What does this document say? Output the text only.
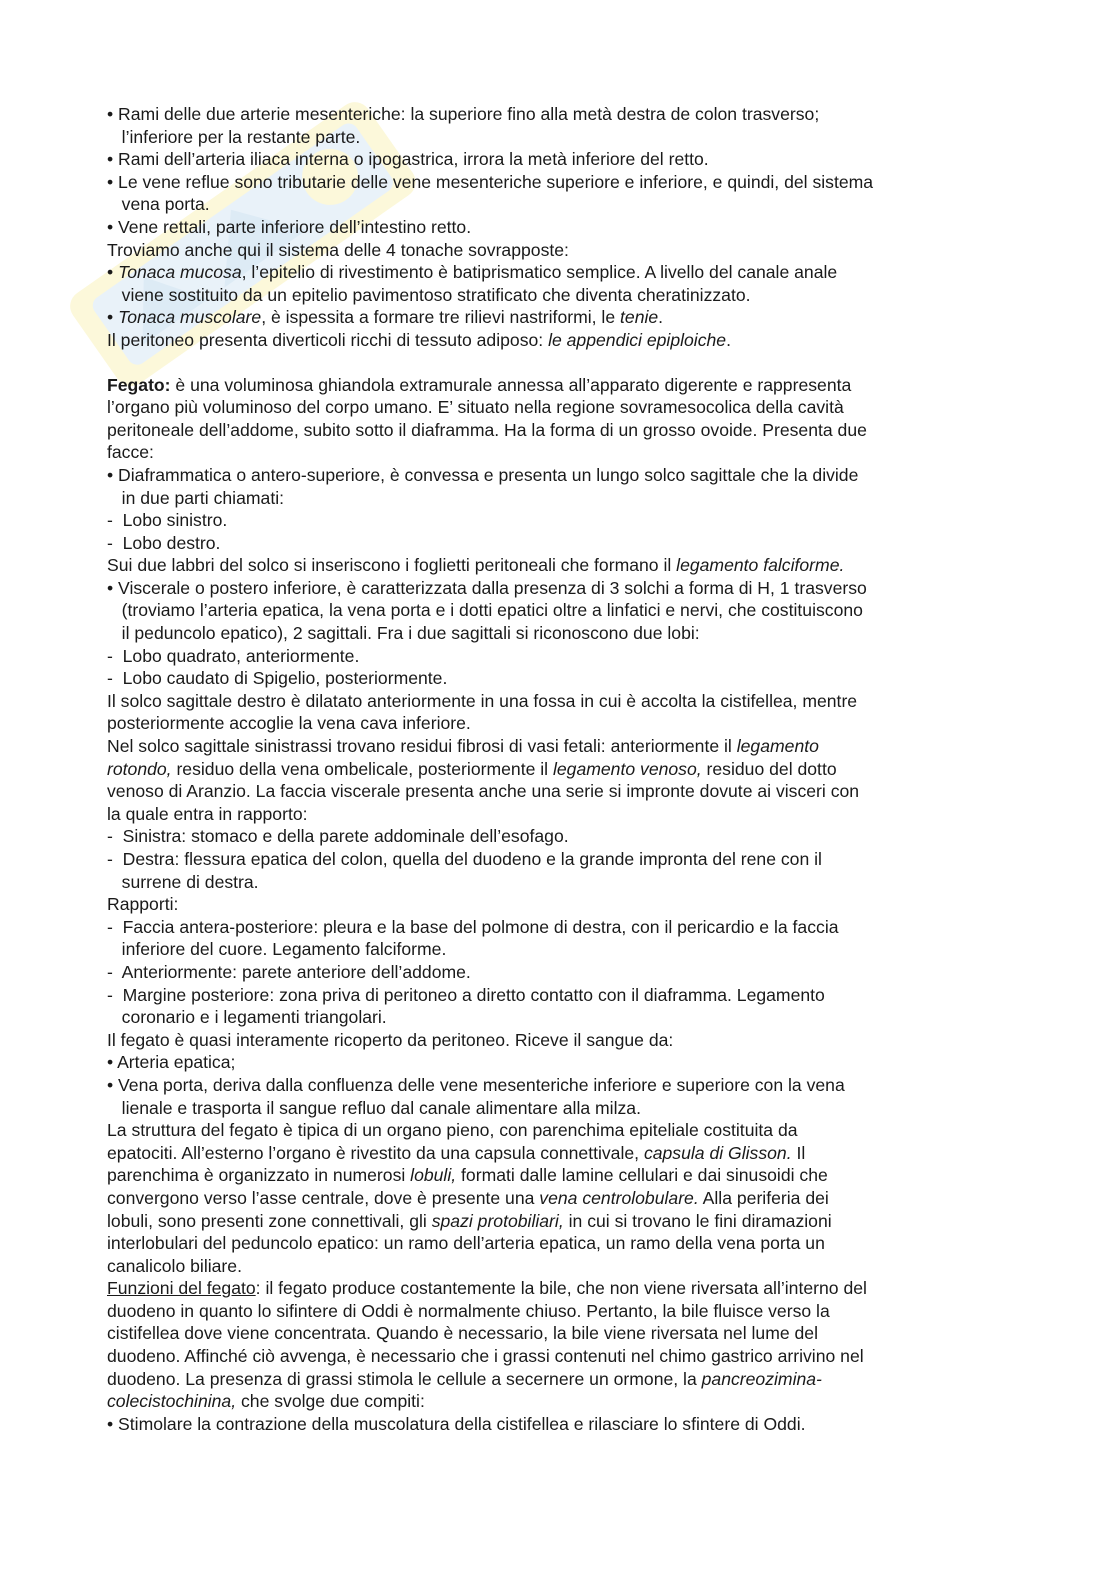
• Rami delle due arterie mesenteriche: la superiore fino alla metà destra de colon trasverso;
l’inferiore per la restante parte.
• Rami dell’arteria iliaca interna o ipogastrica, irrora la metà inferiore del retto.
• Le vene reflue sono tributarie delle vene mesenteriche superiore e inferiore, e quindi, del sistema
vena porta.
• Vene rettali, parte inferiore dell’intestino retto.
Troviamo anche qui il sistema delle 4 tonache sovrapposte:
• Tonaca mucosa, l’epitelio di rivestimento è batiprismatico semplice. A livello del canale anale
viene sostituito da un epitelio pavimentoso stratificato che diventa cheratinizzato.
• Tonaca muscolare, è ispessita a formare tre rilievi nastriformi, le tenie.
Il peritoneo presenta diverticoli ricchi di tessuto adiposo: le appendici epiploiche.
Fegato: è una voluminosa ghiandola extramurale annessa all’apparato digerente e rappresenta
l’organo più voluminoso del corpo umano. E’ situato nella regione sovramesocolica della cavità
peritoneale dell’addome, subito sotto il diaframma. Ha la forma di un grosso ovoide. Presenta due
facce:
• Diaframmatica o antero-superiore, è convessa e presenta un lungo solco sagittale che la divide
in due parti chiamati:
-  Lobo sinistro.
-  Lobo destro.
Sui due labbri del solco si inseriscono i foglietti peritoneali che formano il legamento falciforme.
• Viscerale o postero inferiore, è caratterizzata dalla presenza di 3 solchi a forma di H, 1 trasverso
(troviamo l’arteria epatica, la vena porta e i dotti epatici oltre a linfatici e nervi, che costituiscono
il peduncolo epatico), 2 sagittali. Fra i due sagittali si riconoscono due lobi:
-  Lobo quadrato, anteriormente.
-  Lobo caudato di Spigelio, posteriormente.
Il solco sagittale destro è dilatato anteriormente in una fossa in cui è accolta la cistifellea, mentre
posteriormente accoglie la vena cava inferiore.
Nel solco sagittale sinistrassi trovano residui fibrosi di vasi fetali: anteriormente il legamento
rotondo, residuo della vena ombelicale, posteriormente il legamento venoso, residuo del dotto
venoso di Aranzio. La faccia viscerale presenta anche una serie si impronte dovute ai visceri con
la quale entra in rapporto:
-  Sinistra: stomaco e della parete addominale dell’esofago.
-  Destra: flessura epatica del colon, quella del duodeno e la grande impronta del rene con il
surrene di destra.
Rapporti:
-  Faccia antera-posteriore: pleura e la base del polmone di destra, con il pericardio e la faccia
inferiore del cuore. Legamento falciforme.
-  Anteriormente: parete anteriore dell’addome.
-  Margine posteriore: zona priva di peritoneo a diretto contatto con il diaframma. Legamento
coronario e i legamenti triangolari.
Il fegato è quasi interamente ricoperto da peritoneo. Riceve il sangue da:
• Arteria epatica;
• Vena porta, deriva dalla confluenza delle vene mesenteriche inferiore e superiore con la vena
lienale e trasporta il sangue refluo dal canale alimentare alla milza.
La struttura del fegato è tipica di un organo pieno, con parenchima epiteliale costituita da
epatociti. All’esterno l’organo è rivestito da una capsula connettivale, capsula di Glisson. Il
parenchima è organizzato in numerosi lobuli, formati dalle lamine cellulari e dai sinusoidi che
convergono verso l’asse centrale, dove è presente una vena centrolobulare. Alla periferia dei
lobuli, sono presenti zone connettivali, gli spazi protobiliari, in cui si trovano le fini diramazioni
interlobulari del peduncolo epatico: un ramo dell’arteria epatica, un ramo della vena porta un
canalicolo biliare.
Funzioni del fegato: il fegato produce costantemente la bile, che non viene riversata all’interno del
duodeno in quanto lo sifintere di Oddi è normalmente chiuso. Pertanto, la bile fluisce verso la
cistifellea dove viene concentrata. Quando è necessario, la bile viene riversata nel lume del
duodeno. Affinché ciò avvenga, è necessario che i grassi contenuti nel chimo gastrico arrivino nel
duodeno. La presenza di grassi stimola le cellule a secernere un ormone, la pancreozimina-
colecistochinina, che svolge due compiti:
• Stimolare la contrazione della muscolatura della cistifellea e rilasciare lo sfintere di Oddi.
